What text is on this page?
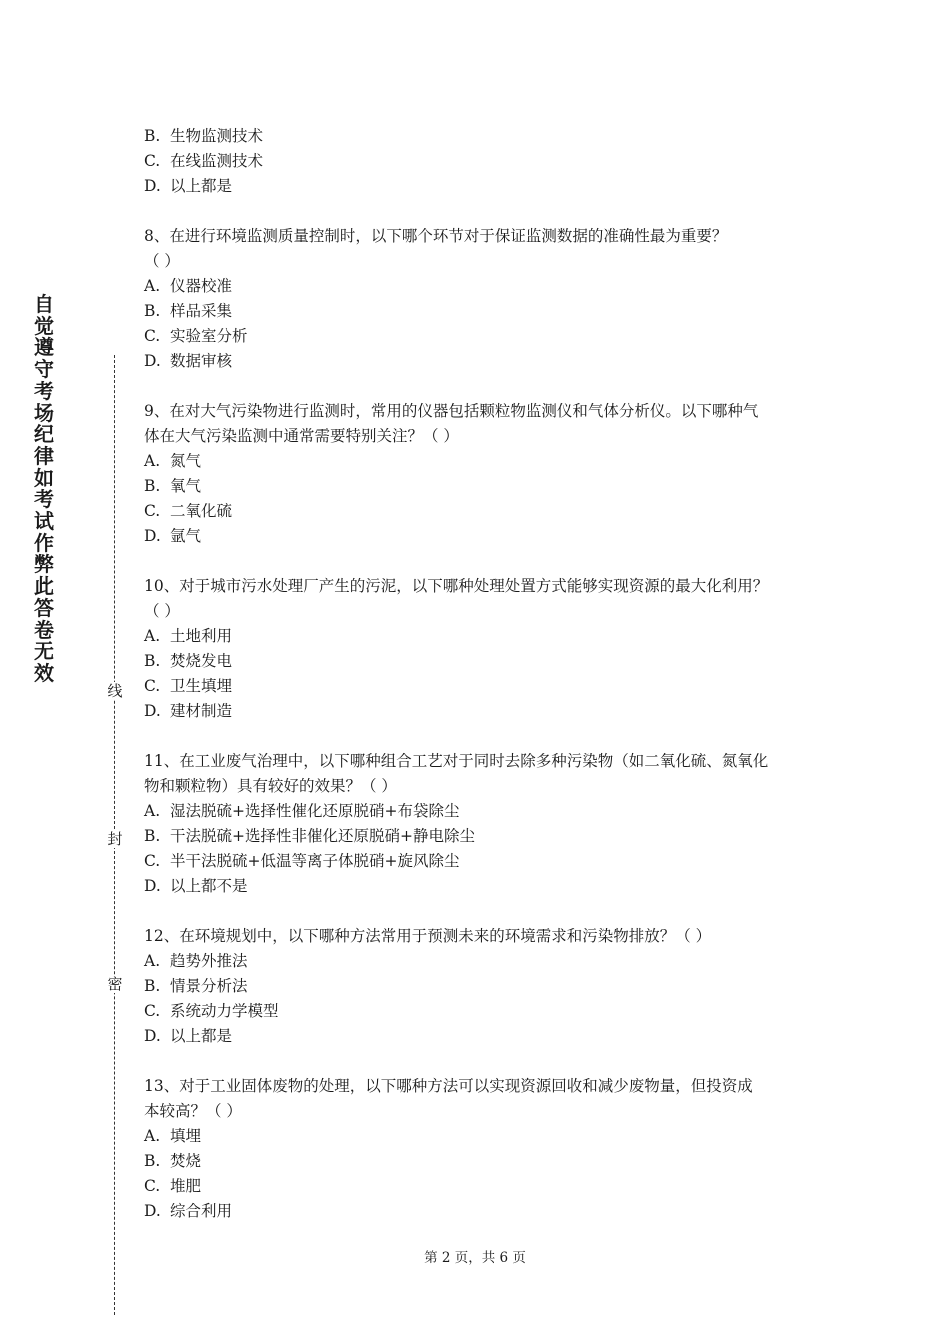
自觉遵守考场纪律如考试作弊此答卷无效
线
封
密
B. 生物监测技术
C. 在线监测技术
D. 以上都是
8、在进行环境监测质量控制时，以下哪个环节对于保证监测数据的准确性最为重要？
（ ）
A. 仪器校准
B. 样品采集
C. 实验室分析
D. 数据审核
9、在对大气污染物进行监测时，常用的仪器包括颗粒物监测仪和气体分析仪。以下哪种气
体在大气污染监测中通常需要特别关注？（ ）
A. 氮气
B. 氧气
C. 二氧化硫
D. 氩气
10、对于城市污水处理厂产生的污泥，以下哪种处理处置方式能够实现资源的最大化利用？
（ ）
A. 土地利用
B. 焚烧发电
C. 卫生填埋
D. 建材制造
11、在工业废气治理中，以下哪种组合工艺对于同时去除多种污染物（如二氧化硫、氮氧化
物和颗粒物）具有较好的效果？（ ）
A. 湿法脱硫+选择性催化还原脱硝+布袋除尘
B. 干法脱硫+选择性非催化还原脱硝+静电除尘
C. 半干法脱硫+低温等离子体脱硝+旋风除尘
D. 以上都不是
12、在环境规划中，以下哪种方法常用于预测未来的环境需求和污染物排放？（ ）
A. 趋势外推法
B. 情景分析法
C. 系统动力学模型
D. 以上都是
13、对于工业固体废物的处理，以下哪种方法可以实现资源回收和减少废物量，但投资成
本较高？（ ）
A. 填埋
B. 焚烧
C. 堆肥
D. 综合利用
第 2 页，共 6 页
